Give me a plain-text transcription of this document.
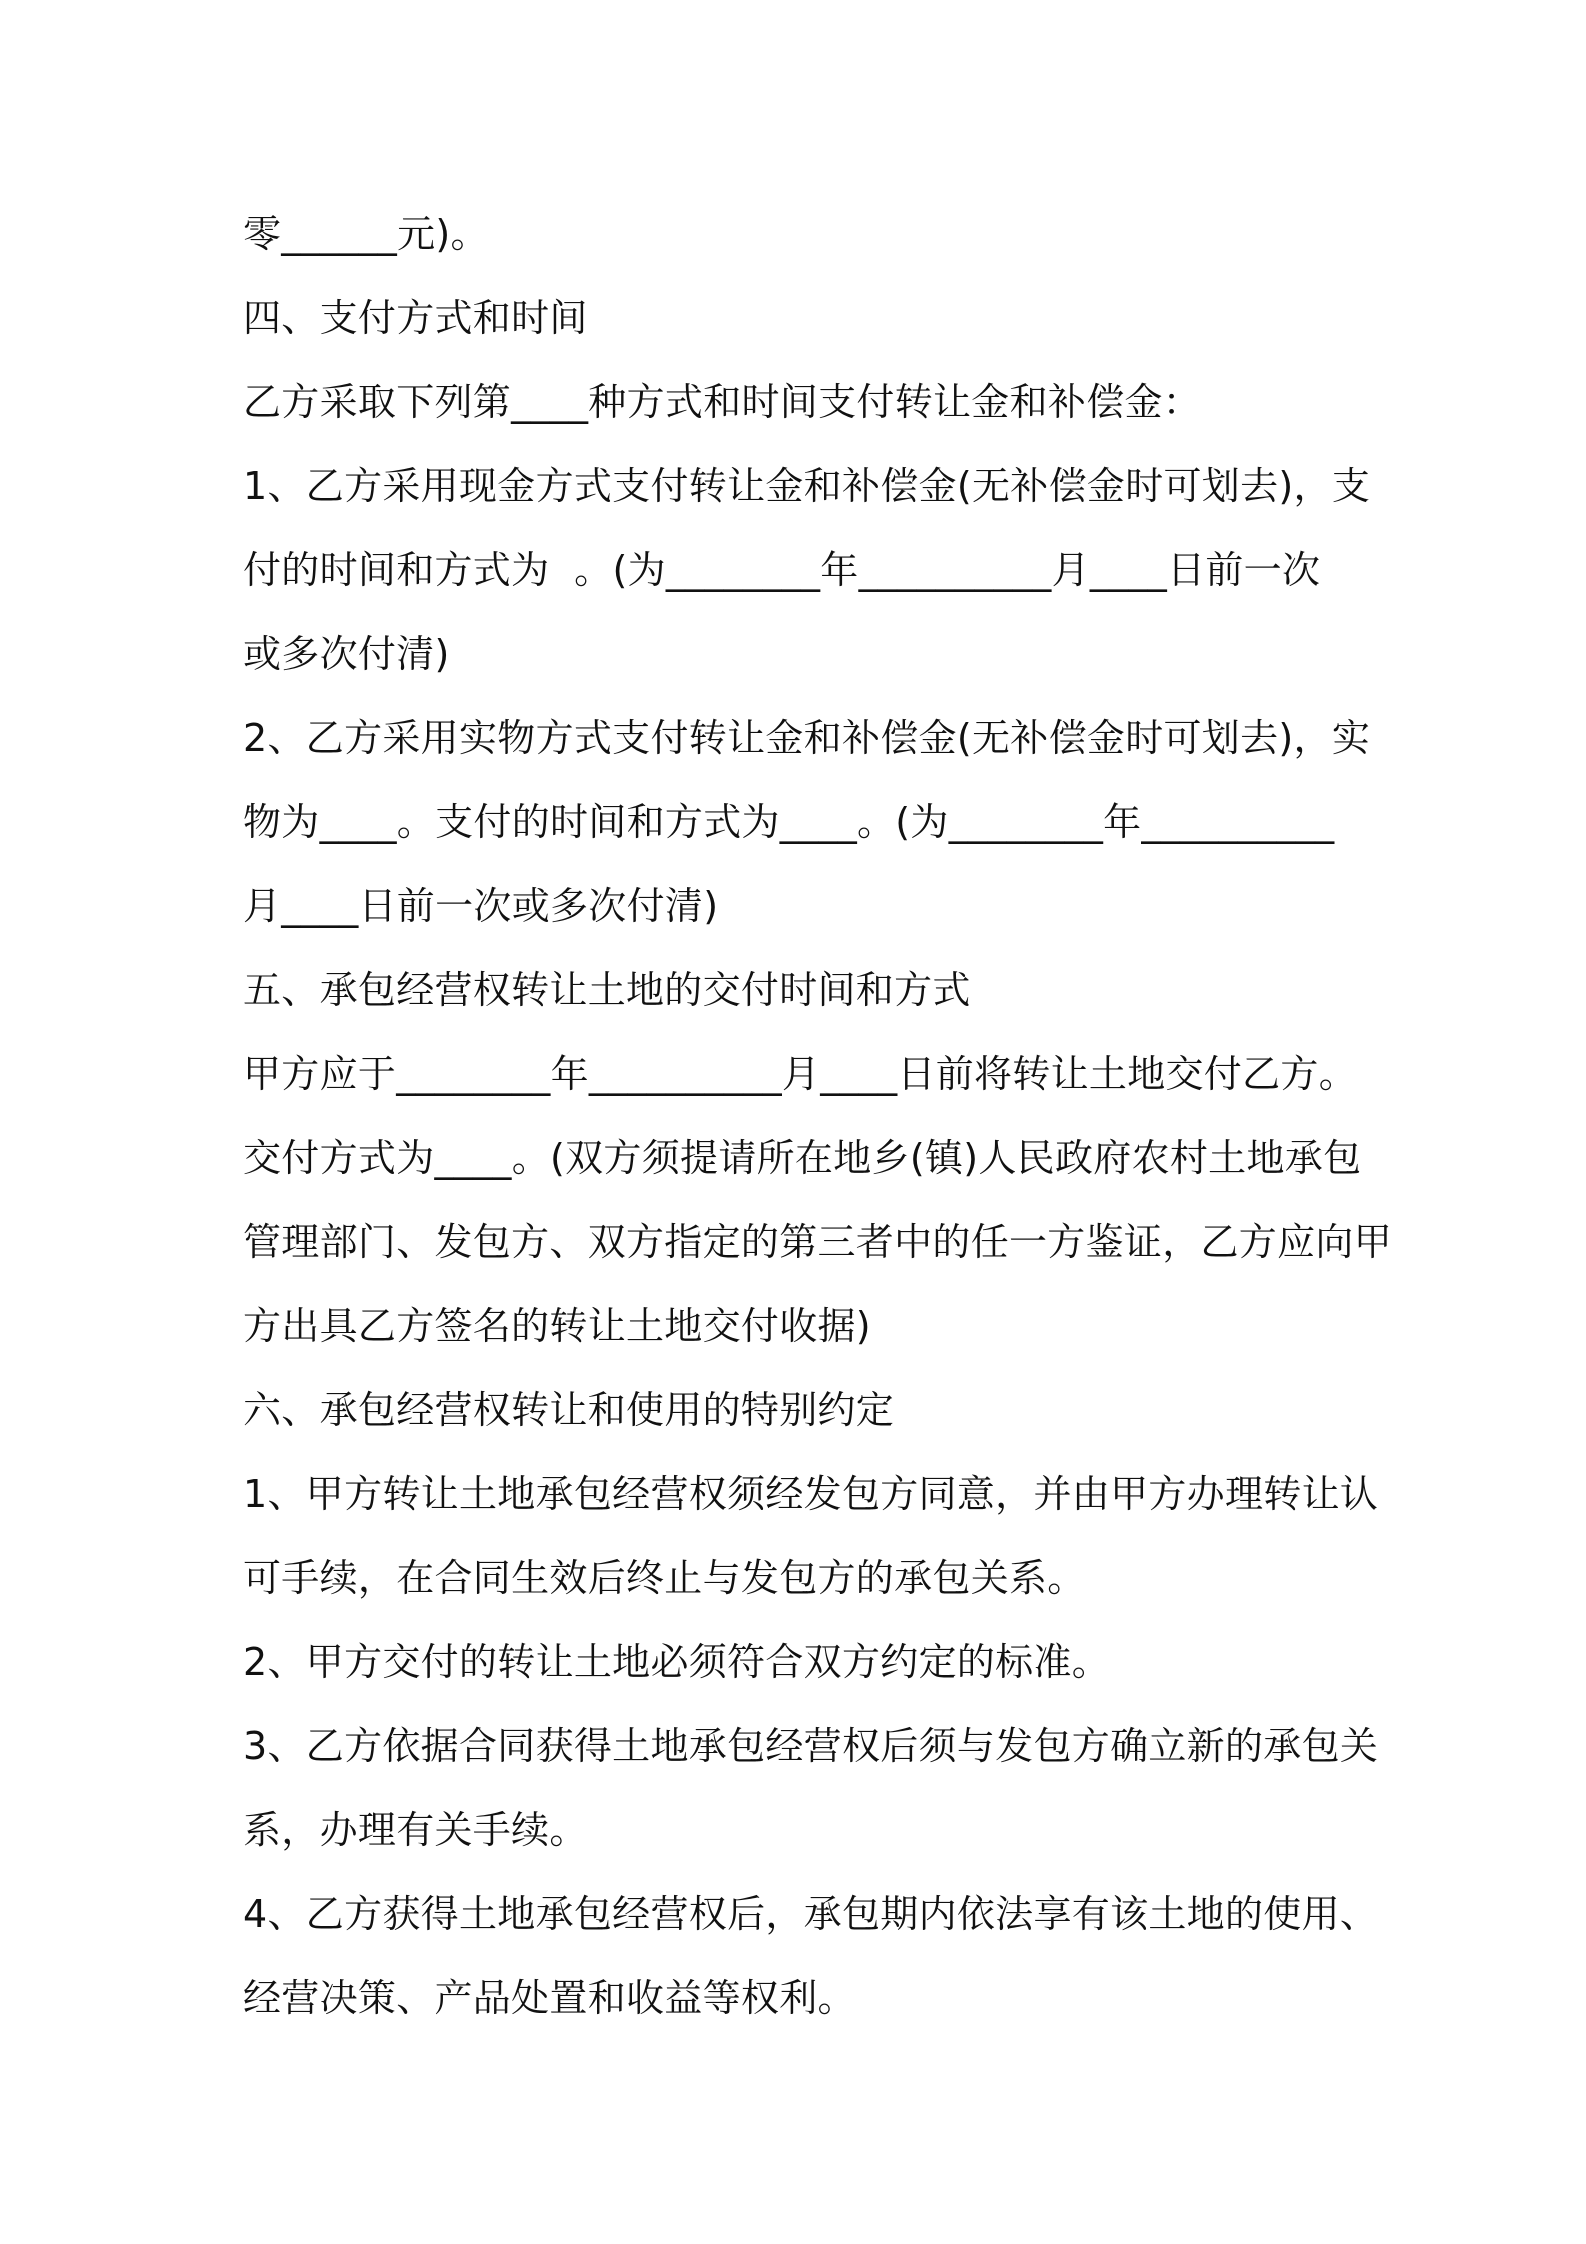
零______元)。
四、支付方式和时间
乙方采取下列第____种方式和时间支付转让金和补偿金：
1、乙方采用现金方式支付转让金和补偿金(无补偿金时可划去)，支
付的时间和方式为  。(为________年__________月____日前一次
或多次付清)
2、乙方采用实物方式支付转让金和补偿金(无补偿金时可划去)，实
物为____。支付的时间和方式为____。(为________年__________
月____日前一次或多次付清)
五、承包经营权转让土地的交付时间和方式
甲方应于________年__________月____日前将转让土地交付乙方。
交付方式为____。(双方须提请所在地乡(镇)人民政府农村土地承包
管理部门、发包方、双方指定的第三者中的任一方鉴证，乙方应向甲
方出具乙方签名的转让土地交付收据)
六、承包经营权转让和使用的特别约定
1、甲方转让土地承包经营权须经发包方同意，并由甲方办理转让认
可手续，在合同生效后终止与发包方的承包关系。
2、甲方交付的转让土地必须符合双方约定的标准。
3、乙方依据合同获得土地承包经营权后须与发包方确立新的承包关
系，办理有关手续。
4、乙方获得土地承包经营权后，承包期内依法享有该土地的使用、
经营决策、产品处置和收益等权利。
